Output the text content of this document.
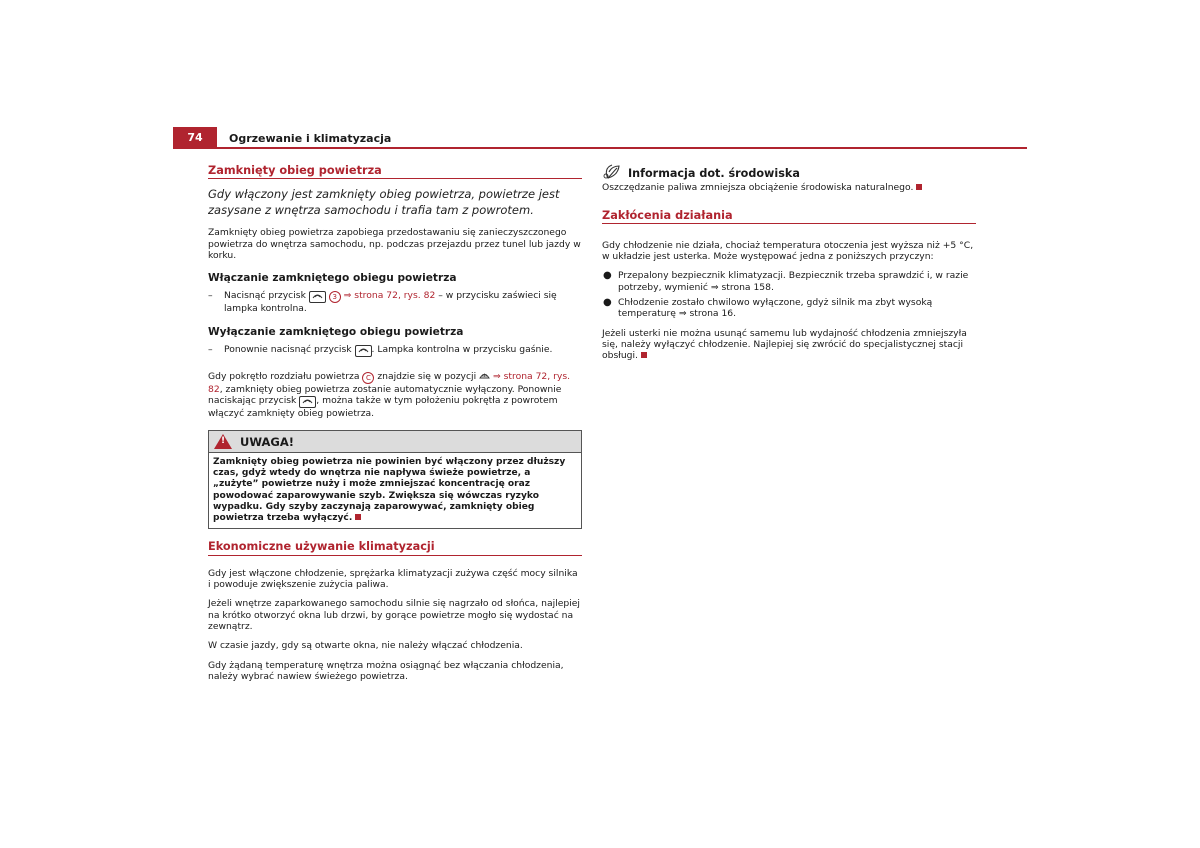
74	Ogrzewanie i klimatyzacja
Zamknięty obieg powietrza
Gdy włączony jest zamknięty obieg powietrza, powietrze jest zasysane z wnętrza samochodu i trafia tam z powrotem.

Zamknięty obieg powietrza zapobiega przedostawaniu się zanieczyszczonego powietrza do wnętrza samochodu, np. podczas przejazdu przez tunel lub jazdy w korku.

Włączanie zamkniętego obiegu powietrza
– Nacisnąć przycisk	3 ⇒ strona 72, rys. 82 – w przycisku zaświeci się lampka kontrolna.
Wyłączanie zamkniętego obiegu powietrza
– Ponownie nacisnąć przycisk . Lampka kontrolna w przycisku gaśnie.

Gdy pokrętło rozdziału powietrza C znajdzie się w pozycji ⇒ strona 72, rys. 82, zamknięty obieg powietrza zostanie automatycznie wyłączony. Ponownie naciskając przycisk , można także w tym położeniu pokrętła z powrotem włączyć zamknięty obieg powietrza.

!UWAGA!
Zamknięty obieg powietrza nie powinien być włączony przez dłuższy czas, gdyż wtedy do wnętrza nie napływa świeże powietrze, a „zużyte” powietrze nuży i może zmniejszać koncentrację oraz powodować zaparowywanie szyb. Zwiększa się wówczas ryzyko wypadku. Gdy szyby zaczynają zaparowywać, zamknięty obieg powietrza trzeba wyłączyć.
Ekonomiczne używanie klimatyzacji

Gdy jest włączone chłodzenie, sprężarka klimatyzacji zużywa część mocy silnika i powoduje zwiększenie zużycia paliwa.

Jeżeli wnętrze zaparkowanego samochodu silnie się nagrzało od słońca, najlepiej na krótko otworzyć okna lub drzwi, by gorące powietrze mogło się wydostać na zewnątrz.

W czasie jazdy, gdy są otwarte okna, nie należy włączać chłodzenia.

Gdy żądaną temperaturę wnętrza można osiągnąć bez włączania chłodzenia, należy wybrać nawiew świeżego powietrza.

Informacja dot. środowiska

Oszczędzanie paliwa zmniejsza obciążenie środowiska naturalnego.

Zakłócenia działania

Gdy chłodzenie nie działa, chociaż temperatura otoczenia jest wyższa niż +5 °C, w układzie jest usterka. Może występować jedna z poniższych przyczyn:

● Przepalony bezpiecznik klimatyzacji. Bezpiecznik trzeba sprawdzić i, w razie potrzeby, wymienić ⇒ strona 158.
● Chłodzenie zostało chwilowo wyłączone, gdyż silnik ma zbyt wysoką temperaturę ⇒ strona 16.

Jeżeli usterki nie można usunąć samemu lub wydajność chłodzenia zmniejszyła się, należy wyłączyć chłodzenie. Najlepiej się zwrócić do specjalistycznej stacji obsługi.
